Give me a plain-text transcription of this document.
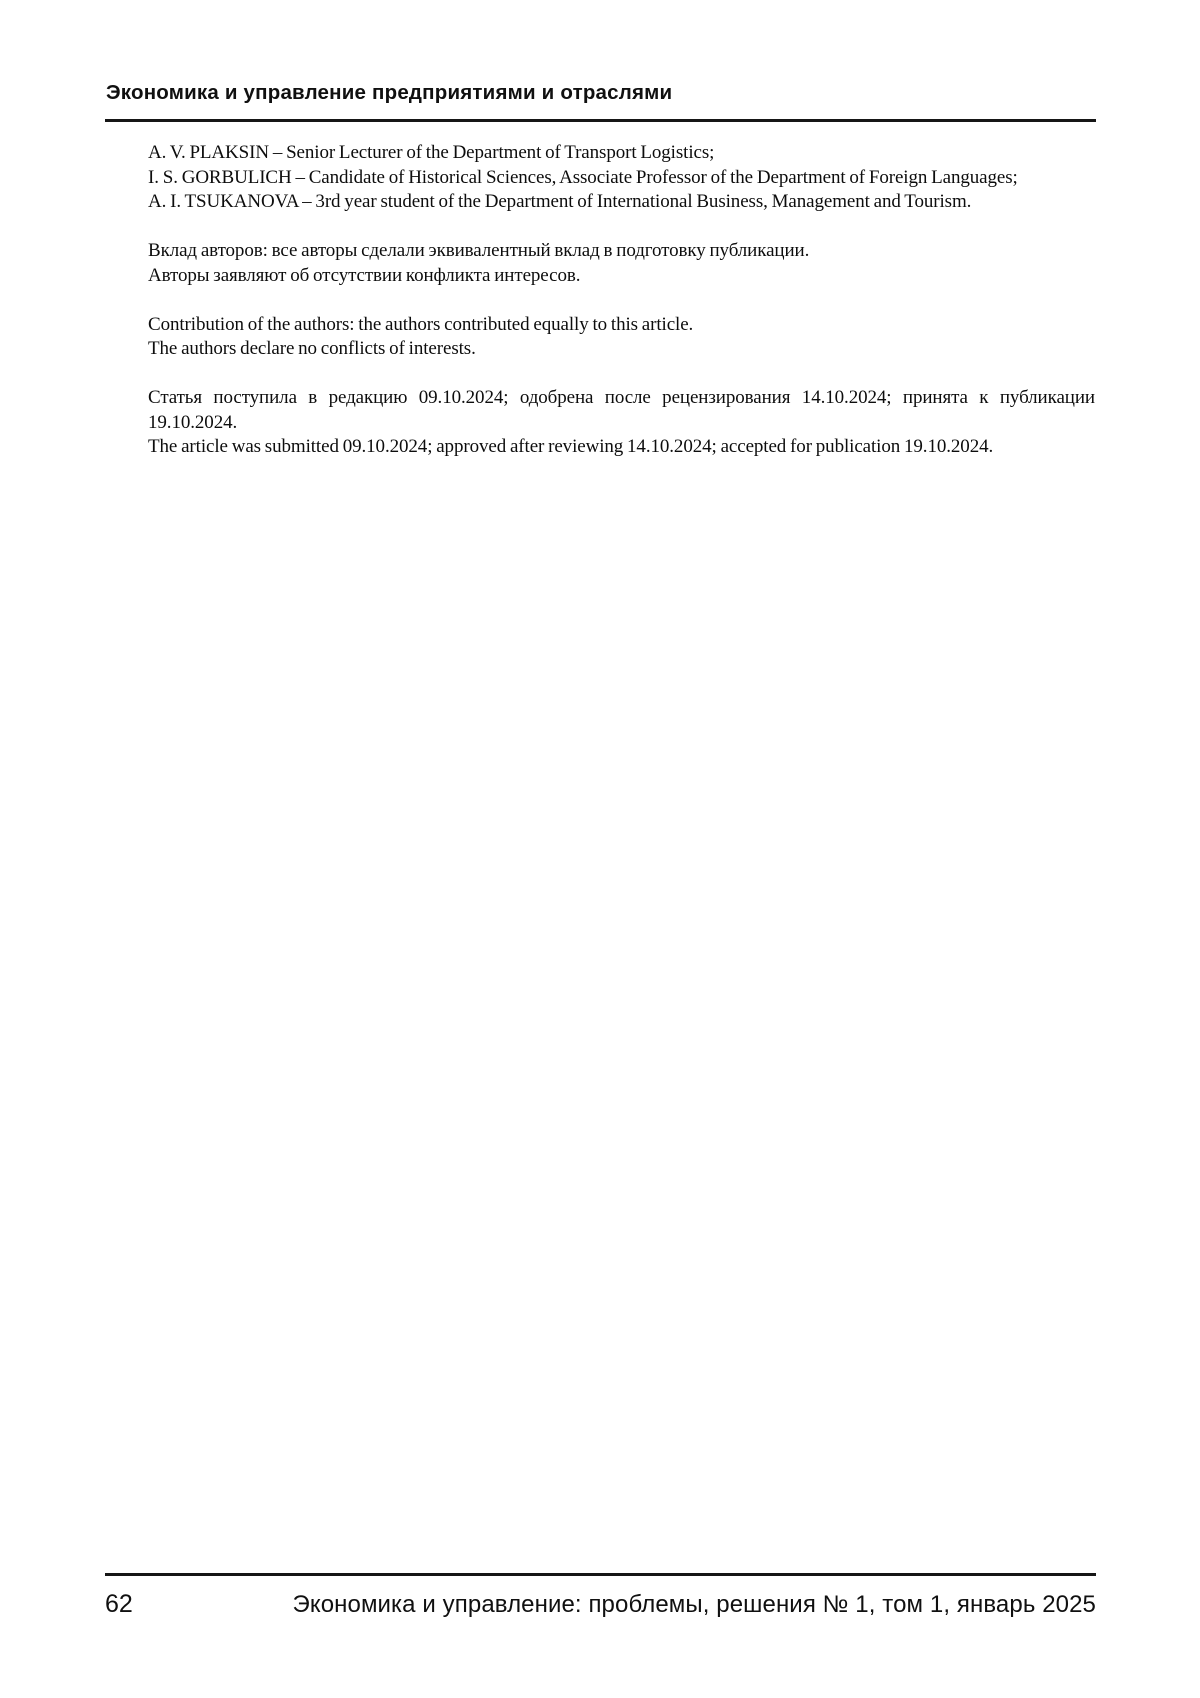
Экономика и управление предприятиями и отраслями
A. V. PLAKSIN – Senior Lecturer of the Department of Transport Logistics;
I. S. GORBULICH – Candidate of Historical Sciences, Associate Professor of the Department of Foreign Languages;
A. I. TSUKANOVA – 3rd year student of the Department of International Business, Management and Tourism.
Вклад авторов: все авторы сделали эквивалентный вклад в подготовку публикации.
Авторы заявляют об отсутствии конфликта интересов.
Contribution of the authors: the authors contributed equally to this article.
The authors declare no conflicts of interests.
Статья поступила в редакцию 09.10.2024; одобрена после рецензирования 14.10.2024; принята к публикации 19.10.2024.
The article was submitted 09.10.2024; approved after reviewing 14.10.2024; accepted for publication 19.10.2024.
62	Экономика и управление: проблемы, решения № 1, том 1, январь 2025
